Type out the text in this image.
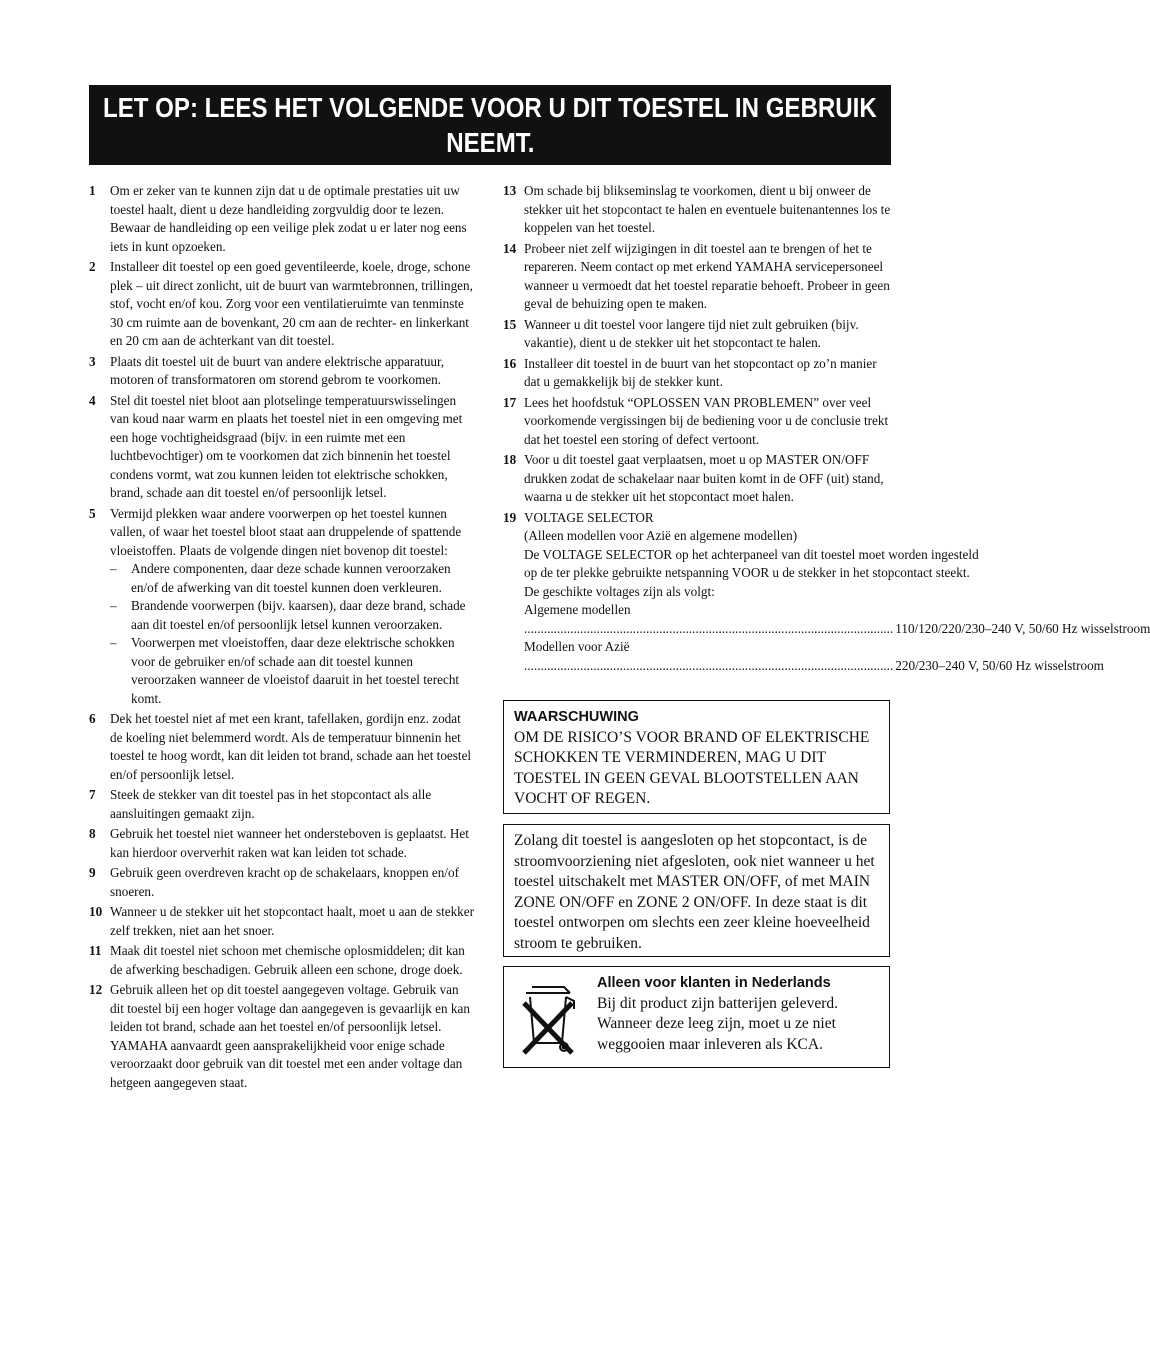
LET OP: LEES HET VOLGENDE VOOR U DIT TOESTEL IN GEBRUIK
NEEMT.
1	Om er zeker van te kunnen zijn dat u de optimale prestaties uit uw toestel haalt, dient u deze handleiding zorgvuldig door te lezen. Bewaar de handleiding op een veilige plek zodat u er later nog eens iets in kunt opzoeken.

2	Installeer dit toestel op een goed geventileerde, koele, droge, schone plek – uit direct zonlicht, uit de buurt van warmtebronnen, trillingen, stof, vocht en/of kou. Zorg voor een ventilatieruimte van tenminste 30 cm ruimte aan de bovenkant, 20 cm aan de rechter- en linkerkant en 20 cm aan de achterkant van dit toestel.

3	Plaats dit toestel uit de buurt van andere elektrische apparatuur, motoren of transformatoren om storend gebrom te voorkomen.

4	Stel dit toestel niet bloot aan plotselinge temperatuurswisselingen van koud naar warm en plaats het toestel niet in een omgeving met een hoge vochtigheidsgraad (bijv. in een ruimte met een luchtbevochtiger) om te voorkomen dat zich binnenin het toestel condens vormt, wat zou kunnen leiden tot elektrische schokken, brand, schade aan dit toestel en/of persoonlijk letsel.

5	Vermijd plekken waar andere voorwerpen op het toestel kunnen vallen, of waar het toestel bloot staat aan druppelende of spattende vloeistoffen. Plaats de volgende dingen niet bovenop dit toestel:

–	Andere componenten, daar deze schade kunnen veroorzaken en/of de afwerking van dit toestel kunnen doen verkleuren.
–	Brandende voorwerpen (bijv. kaarsen), daar deze brand, schade aan dit toestel en/of persoonlijk letsel kunnen veroorzaken.
–	Voorwerpen met vloeistoffen, daar deze elektrische schokken voor de gebruiker en/of schade aan dit toestel kunnen veroorzaken wanneer de vloeistof daaruit in het toestel terecht komt.
6	Dek het toestel niet af met een krant, tafellaken, gordijn enz. zodat de koeling niet belemmerd wordt. Als de temperatuur binnenin het toestel te hoog wordt, kan dit leiden tot brand, schade aan het toestel en/of persoonlijk letsel.

7	Steek de stekker van dit toestel pas in het stopcontact als alle aansluitingen gemaakt zijn.

8	Gebruik het toestel niet wanneer het ondersteboven is geplaatst. Het kan hierdoor oververhit raken wat kan leiden tot schade.

9	Gebruik geen overdreven kracht op de schakelaars, knoppen en/of snoeren.

10 Wanneer u de stekker uit het stopcontact haalt, moet u aan de stekker zelf trekken, niet aan het snoer.

11 Maak dit toestel niet schoon met chemische oplosmiddelen; dit kan de afwerking beschadigen. Gebruik alleen een schone, droge doek.

12 Gebruik alleen het op dit toestel aangegeven voltage. Gebruik van dit toestel bij een hoger voltage dan aangegeven is gevaarlijk en kan leiden tot brand, schade aan het toestel en/of persoonlijk letsel. YAMAHA aanvaardt geen aansprakelijkheid voor enige schade veroorzaakt door gebruik van dit toestel met een ander voltage dan hetgeen aangegeven staat.

13 Om schade bij blikseminslag te voorkomen, dient u bij onweer de stekker uit het stopcontact te halen en eventuele buitenantennes los te koppelen van het toestel.

14 Probeer niet zelf wijzigingen in dit toestel aan te brengen of het te repareren. Neem contact op met erkend YAMAHA servicepersoneel wanneer u vermoedt dat het toestel reparatie behoeft. Probeer in geen geval de behuizing open te maken.

15 Wanneer u dit toestel voor langere tijd niet zult gebruiken (bijv. vakantie), dient u de stekker uit het stopcontact te halen.

16 Installeer dit toestel in de buurt van het stopcontact op zo’n manier dat u gemakkelijk bij de stekker kunt.

17 Lees het hoofdstuk “OPLOSSEN VAN PROBLEMEN” over veel voorkomende vergissingen bij de bediening voor u de conclusie trekt dat het toestel een storing of defect vertoont.

18 Voor u dit toestel gaat verplaatsen, moet u op MASTER ON/OFF drukken zodat de schakelaar naar buiten komt in de OFF (uit) stand, waarna u de stekker uit het stopcontact moet halen.

19 VOLTAGE SELECTOR

(Alleen modellen voor Azië en algemene modellen)

De VOLTAGE SELECTOR op het achterpaneel van dit toestel moet worden ingesteld op de ter plekke gebruikte netspanning VOOR u de stekker in het stopcontact steekt.

De geschikte voltages zijn als volgt:

Algemene modellen

.....
110/120/220/230–240 V, 50/60 Hz wisselstroom

Modellen voor Azië

.....
220/230–240 V, 50/60 Hz wisselstroom
WAARSCHUWING
OM DE RISICO’S VOOR BRAND OF ELEKTRISCHE SCHOKKEN TE VERMINDEREN, MAG U DIT TOESTEL IN GEEN GEVAL BLOOTSTELLEN AAN VOCHT OF REGEN.
Zolang dit toestel is aangesloten op het stopcontact, is de stroomvoorziening niet afgesloten, ook niet wanneer u het toestel uitschakelt met MASTER ON/OFF, of met MAIN ZONE ON/OFF en ZONE 2 ON/OFF. In deze staat is dit toestel ontworpen om slechts een zeer kleine hoeveelheid stroom te gebruiken.
Alleen voor klanten in Nederlands
Bij dit product zijn batterijen geleverd. Wanneer deze leeg zijn, moet u ze niet weggooien maar inleveren als KCA.
